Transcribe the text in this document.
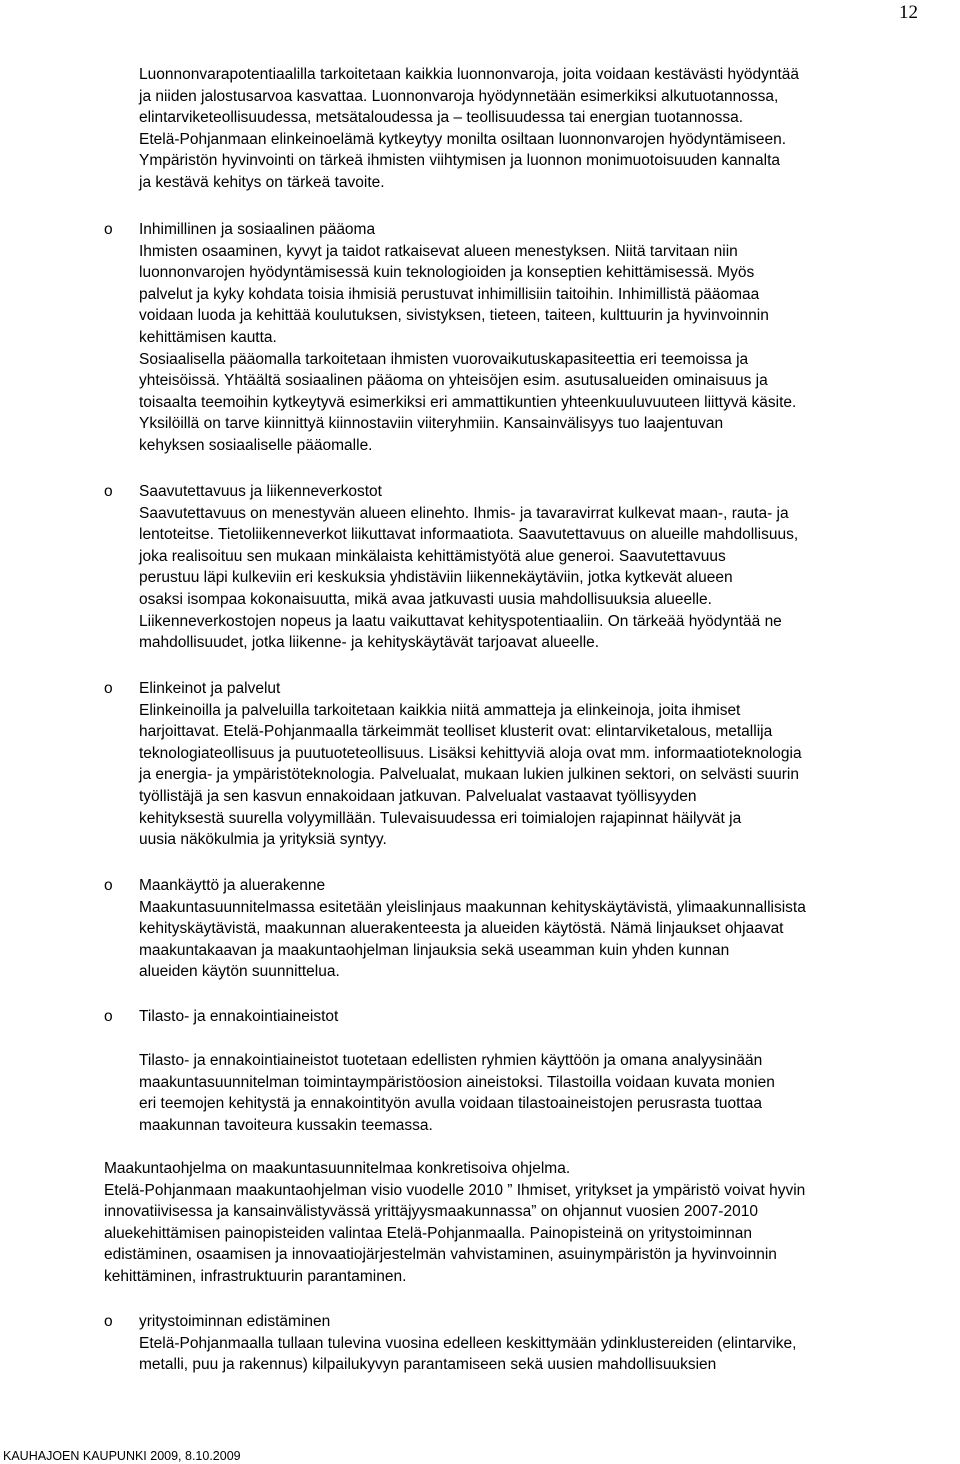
12
Luonnonvarapotentiaalilla tarkoitetaan kaikkia luonnonvaroja, joita voidaan kestävästi hyödyntää
ja niiden jalostusarvoa kasvattaa. Luonnonvaroja hyödynnetään esimerkiksi alkutuotannossa,
elintarviketeollisuudessa, metsätaloudessa ja – teollisuudessa tai energian tuotannossa.
Etelä-Pohjanmaan elinkeinoelämä kytkeytyy monilta osiltaan luonnonvarojen hyödyntämiseen.
Ympäristön hyvinvointi on tärkeä ihmisten viihtymisen ja luonnon monimuotoisuuden kannalta
ja kestävä kehitys on tärkeä tavoite.
o Inhimillinen ja sosiaalinen pääoma
Ihmisten osaaminen, kyvyt ja taidot ratkaisevat alueen menestyksen. Niitä tarvitaan niin
luonnonvarojen hyödyntämisessä kuin teknologioiden ja konseptien kehittämisessä. Myös
palvelut ja kyky kohdata toisia ihmisiä perustuvat inhimillisiin taitoihin. Inhimillistä pääomaa
voidaan luoda ja kehittää koulutuksen, sivistyksen, tieteen, taiteen, kulttuurin ja hyvinvoinnin
kehittämisen kautta.
Sosiaalisella pääomalla tarkoitetaan ihmisten vuorovaikutuskapasiteettia eri teemoissa ja
yhteisöissä. Yhtäältä sosiaalinen pääoma on yhteisöjen esim. asutusalueiden ominaisuus ja
toisaalta teemoihin kytkeytyvä esimerkiksi eri ammattikuntien yhteenkuuluvuuteen liittyvä käsite.
Yksilöillä on tarve kiinnittyä kiinnostaviin viiteryhmiin. Kansainvälisyys tuo laajentuvan
kehyksen sosiaaliselle pääomalle.
o Saavutettavuus ja liikenneverkostot
Saavutettavuus on menestyvän alueen elinehto. Ihmis- ja tavaravirrat kulkevat maan-, rauta- ja
lentoteitse. Tietoliikenneverkot liikuttavat informaatiota. Saavutettavuus on alueille mahdollisuus,
joka realisoituu sen mukaan minkälaista kehittämistyötä alue generoi. Saavutettavuus
perustuu läpi kulkeviin eri keskuksia yhdistäviin liikennekäytäviin, jotka kytkevät alueen
osaksi isompaa kokonaisuutta, mikä avaa jatkuvasti uusia mahdollisuuksia alueelle.
Liikenneverkostojen nopeus ja laatu vaikuttavat kehityspotentiaaliin. On tärkeää hyödyntää ne
mahdollisuudet, jotka liikenne- ja kehityskäytävät tarjoavat alueelle.
o Elinkeinot ja palvelut
Elinkeinoilla ja palveluilla tarkoitetaan kaikkia niitä ammatteja ja elinkeinoja, joita ihmiset
harjoittavat. Etelä-Pohjanmaalla tärkeimmät teolliset klusterit ovat: elintarviketalous, metallija
teknologiateollisuus ja puutuoteteollisuus. Lisäksi kehittyviä aloja ovat mm. informaatioteknologia
ja energia- ja ympäristöteknologia. Palvelualat, mukaan lukien julkinen sektori, on selvästi suurin
työllistäjä ja sen kasvun ennakoidaan jatkuvan. Palvelualat vastaavat työllisyyden
kehityksestä suurella volyymillään. Tulevaisuudessa eri toimialojen rajapinnat häilyvät ja
uusia näkökulmia ja yrityksiä syntyy.
o Maankäyttö ja aluerakenne
Maakuntasuunnitelmassa esitetään yleislinjaus maakunnan kehityskäytävistä, ylimaakunnallisista
kehityskäytävistä, maakunnan aluerakenteesta ja alueiden käytöstä. Nämä linjaukset ohjaavat
maakuntakaavan ja maakuntaohjelman linjauksia sekä useamman kuin yhden kunnan
alueiden käytön suunnittelua.
o Tilasto- ja ennakointiaineistot
Tilasto- ja ennakointiaineistot tuotetaan edellisten ryhmien käyttöön ja omana analyysinään
maakuntasuunnitelman toimintaympäristöosion aineistoksi. Tilastoilla voidaan kuvata monien
eri teemojen kehitystä ja ennakointityön avulla voidaan tilastoaineistojen perusrasta tuottaa
maakunnan tavoiteura kussakin teemassa.
Maakuntaohjelma on maakuntasuunnitelmaa konkretisoiva ohjelma.
Etelä-Pohjanmaan maakuntaohjelman visio vuodelle 2010 ” Ihmiset, yritykset ja ympäristö voivat hyvin
innovatiivisessa ja kansainvälistyvässä yrittäjyysmaakunnassa” on ohjannut vuosien 2007-2010
aluekehittämisen painopisteiden valintaa Etelä-Pohjanmaalla. Painopisteinä on yritystoiminnan
edistäminen, osaamisen ja innovaatiojärjestelmän vahvistaminen, asuinympäristön ja hyvinvoinnin
kehittäminen, infrastruktuurin parantaminen.
o yritystoiminnan edistäminen
Etelä-Pohjanmaalla tullaan tulevina vuosina edelleen keskittymään ydinklustereiden (elintarvike,
metalli, puu ja rakennus) kilpailukyvyn parantamiseen sekä uusien mahdollisuuksien
KAUHAJOEN KAUPUNKI 2009, 8.10.2009
